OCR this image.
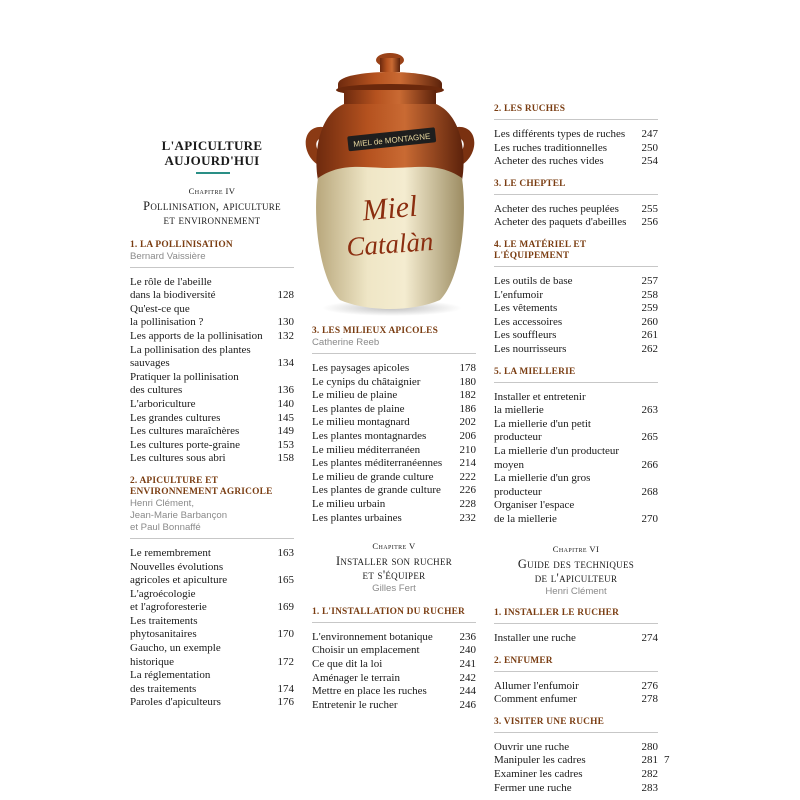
L'APICULTURE
AUJOURD'HUI
MIEL de MONTAGNE
Miel
Catalàn
Chapitre IV
Pollinisation, apiculture
et environnement
1. LA POLLINISATION
Bernard Vaissière
Le rôle de l'abeille
dans la biodiversité	128
Qu'est-ce que
la pollinisation ?	130
Les apports de la pollinisation	132
La pollinisation des plantes
sauvages	134
Pratiquer la pollinisation
des cultures	136
L'arboriculture	140
Les grandes cultures	145
Les cultures maraîchères	149
Les cultures porte-graine	153
Les cultures sous abri	158
2. APICULTURE ET
ENVIRONNEMENT AGRICOLE
Henri Clément,
Jean-Marie Barbançon
et Paul Bonnaffé
Le remembrement	163
Nouvelles évolutions
agricoles et apiculture	165
L'agroécologie
et l'agroforesterie	169
Les traitements
phytosanitaires	170
Gaucho, un exemple
historique	172
La réglementation
des traitements	174
Paroles d'apiculteurs	176
3. LES MILIEUX APICOLES
Catherine Reeb
Les paysages apicoles	178
Le cynips du châtaignier	180
Le milieu de plaine	182
Les plantes de plaine	186
Le milieu montagnard	202
Les plantes montagnardes	206
Le milieu méditerranéen	210
Les plantes méditerranéennes	214
Le milieu de grande culture	222
Les plantes de grande culture	226
Le milieu urbain	228
Les plantes urbaines	232
Chapitre V
Installer son rucher
et s'équiper
Gilles Fert
1. L'INSTALLATION DU RUCHER
L'environnement botanique	236
Choisir un emplacement	240
Ce que dit la loi	241
Aménager le terrain	242
Mettre en place les ruches	244
Entretenir le rucher	246
2. LES RUCHES
Les différents types de ruches	247
Les ruches traditionnelles	250
Acheter des ruches vides	254
3. LE CHEPTEL
Acheter des ruches peuplées	255
Acheter des paquets d'abeilles	256
4. LE MATÉRIEL ET L'ÉQUIPEMENT
Les outils de base	257
L'enfumoir	258
Les vêtements	259
Les accessoires	260
Les souffleurs	261
Les nourrisseurs	262
5. LA MIELLERIE
Installer et entretenir
la miellerie	263
La miellerie d'un petit
producteur	265
La miellerie d'un producteur
moyen	266
La miellerie d'un gros
producteur	268
Organiser l'espace
de la miellerie	270
Chapitre VI
Guide des techniques
de l'apiculteur
Henri Clément
1. INSTALLER LE RUCHER
Installer une ruche	274
2. ENFUMER
Allumer l'enfumoir	276
Comment enfumer	278
3. VISITER UNE RUCHE
Ouvrir une ruche	280
Manipuler les cadres	281
Examiner les cadres	282
Fermer une ruche	283
7
